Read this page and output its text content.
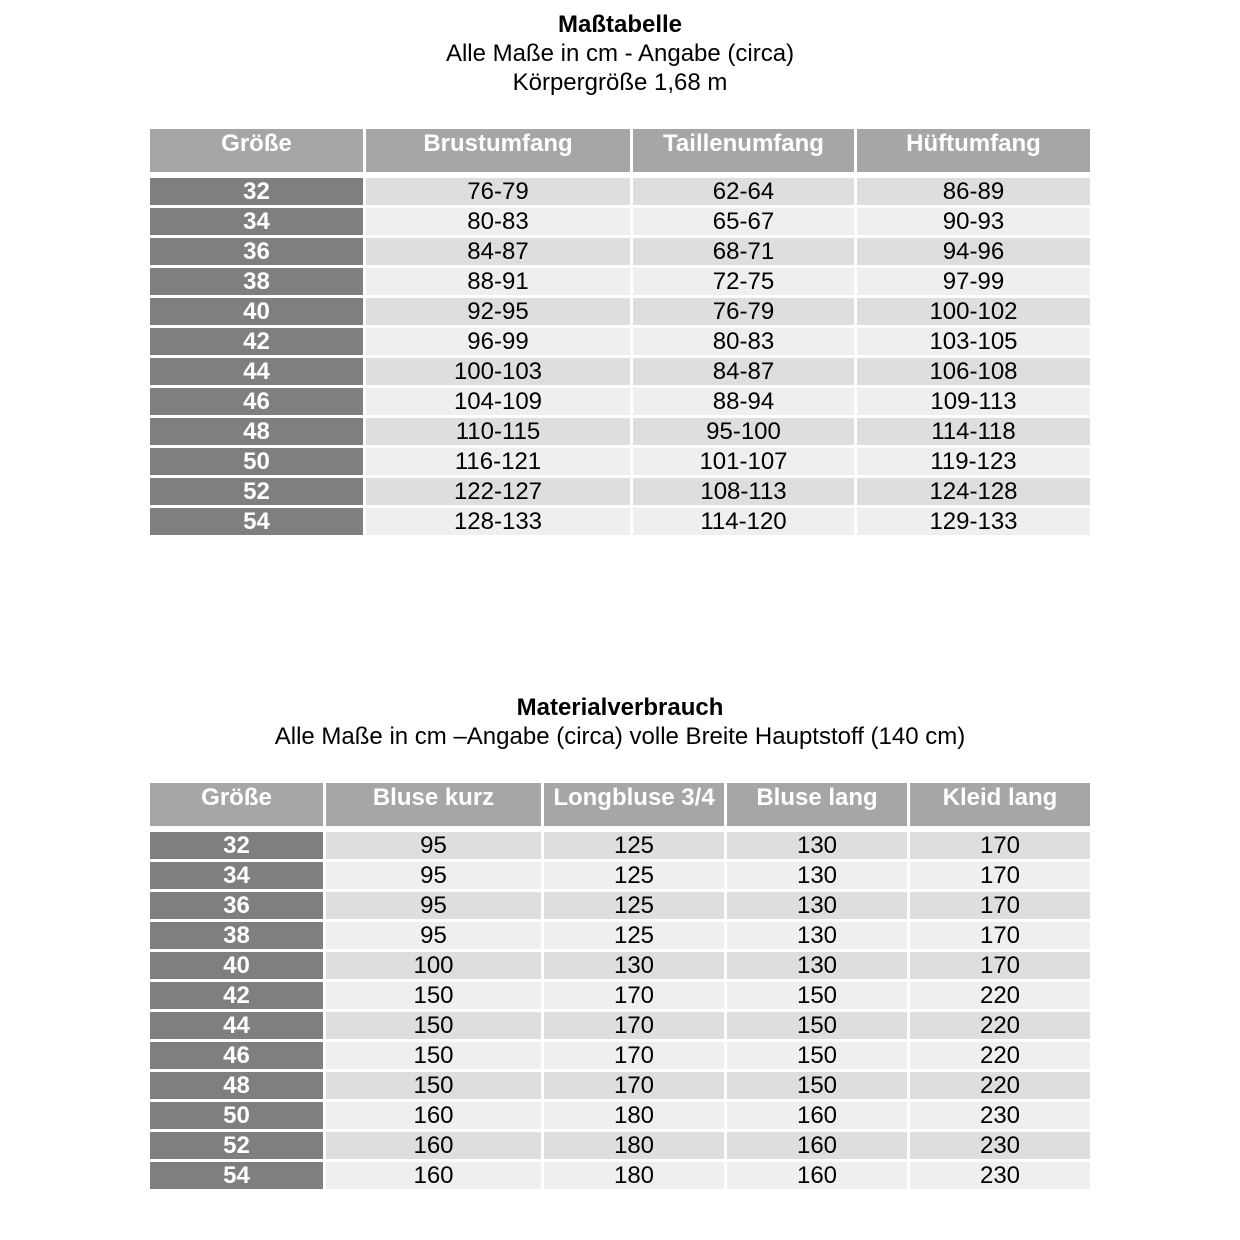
Maßtabelle
Alle Maße in cm - Angabe (circa)
Körpergröße 1,68 m
Größe	Brustumfang	Taillenumfang	Hüftumfang

32	76-79	62-64	86-89
34	80-83	65-67	90-93
36	84-87	68-71	94-96
38	88-91	72-75	97-99
40	92-95	76-79	100-102
42	96-99	80-83	103-105
44	100-103	84-87	106-108
46	104-109	88-94	109-113
48	110-115	95-100	114-118
50	116-121	101-107	119-123
52	122-127	108-113	124-128
54	128-133	114-120	129-133
Materialverbrauch
Alle Maße in cm –Angabe (circa) volle Breite Hauptstoff (140 cm)
Größe	Bluse kurz	Longbluse 3/4	Bluse lang	Kleid lang

32	95	125	130	170
34	95	125	130	170
36	95	125	130	170
38	95	125	130	170
40	100	130	130	170
42	150	170	150	220
44	150	170	150	220
46	150	170	150	220
48	150	170	150	220
50	160	180	160	230
52	160	180	160	230
54	160	180	160	230
